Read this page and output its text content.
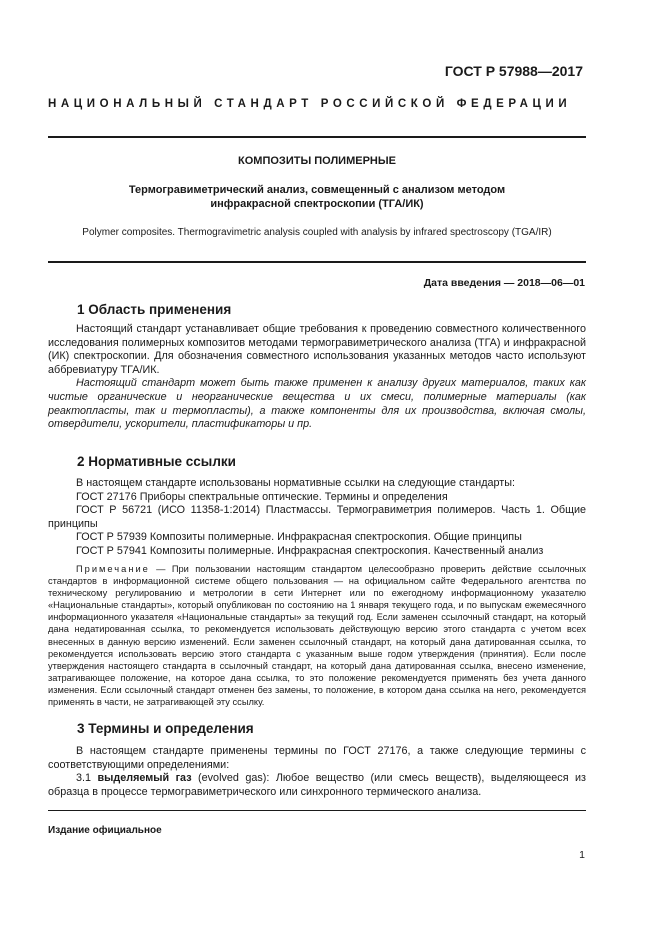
ГОСТ Р 57988—2017
НАЦИОНАЛЬНЫЙ СТАНДАРТ РОССИЙСКОЙ ФЕДЕРАЦИИ
КОМПОЗИТЫ ПОЛИМЕРНЫЕ
Термогравиметрический анализ, совмещенный с анализом методом
инфракрасной спектроскопии (ТГА/ИК)
Polymer composites. Thermogravimetric analysis coupled with analysis by infrared spectroscopy (TGA/IR)
Дата введения — 2018—06—01
1 Область применения

Настоящий стандарт устанавливает общие требования к проведению совместного количественного исследования полимерных композитов методами термогравиметрического анализа (ТГА) и инфракрасной (ИК) спектроскопии. Для обозначения совместного использования указанных методов часто используют аббревиатуру ТГА/ИК.

Настоящий стандарт может быть также применен к анализу других материалов, таких как чистые органические и неорганические вещества и их смеси, полимерные материалы (как реактопласты, так и термопласты), а также компоненты для их производства, включая смолы, отвердители, ускорители, пластификаторы и пр.

2 Нормативные ссылки

В настоящем стандарте использованы нормативные ссылки на следующие стандарты:

ГОСТ 27176 Приборы спектральные оптические. Термины и определения

ГОСТ Р 56721 (ИСО 11358-1:2014) Пластмассы. Термогравиметрия полимеров. Часть 1. Общие принципы

ГОСТ Р 57939 Композиты полимерные. Инфракрасная спектроскопия. Общие принципы

ГОСТ Р 57941 Композиты полимерные. Инфракрасная спектроскопия. Качественный анализ

Примечание — При пользовании настоящим стандартом целесообразно проверить действие ссылочных стандартов в информационной системе общего пользования — на официальном сайте Федерального агентства по техническому регулированию и метрологии в сети Интернет или по ежегодному информационному указателю «Национальные стандарты», который опубликован по состоянию на 1 января текущего года, и по выпускам ежемесячного информационного указателя «Национальные стандарты» за текущий год. Если заменен ссылочный стандарт, на который дана недатированная ссылка, то рекомендуется использовать действующую версию этого стандарта с учетом всех внесенных в данную версию изменений. Если заменен ссылочный стандарт, на который дана датированная ссылка, то рекомендуется использовать версию этого стандарта с указанным выше годом утверждения (принятия). Если после утверждения настоящего стандарта в ссылочный стандарт, на который дана датированная ссылка, внесено изменение, затрагивающее положение, на которое дана ссылка, то это положение рекомендуется применять без учета данного изменения. Если ссылочный стандарт отменен без замены, то положение, в котором дана ссылка на него, рекомендуется применять в части, не затрагивающей эту ссылку.

3 Термины и определения

В настоящем стандарте применены термины по ГОСТ 27176, а также следующие термины с соответствующими определениями:

3.1 выделяемый газ (evolved gas): Любое вещество (или смесь веществ), выделяющееся из образца в процессе термогравиметрического или синхронного термического анализа.

Издание официальное
1
